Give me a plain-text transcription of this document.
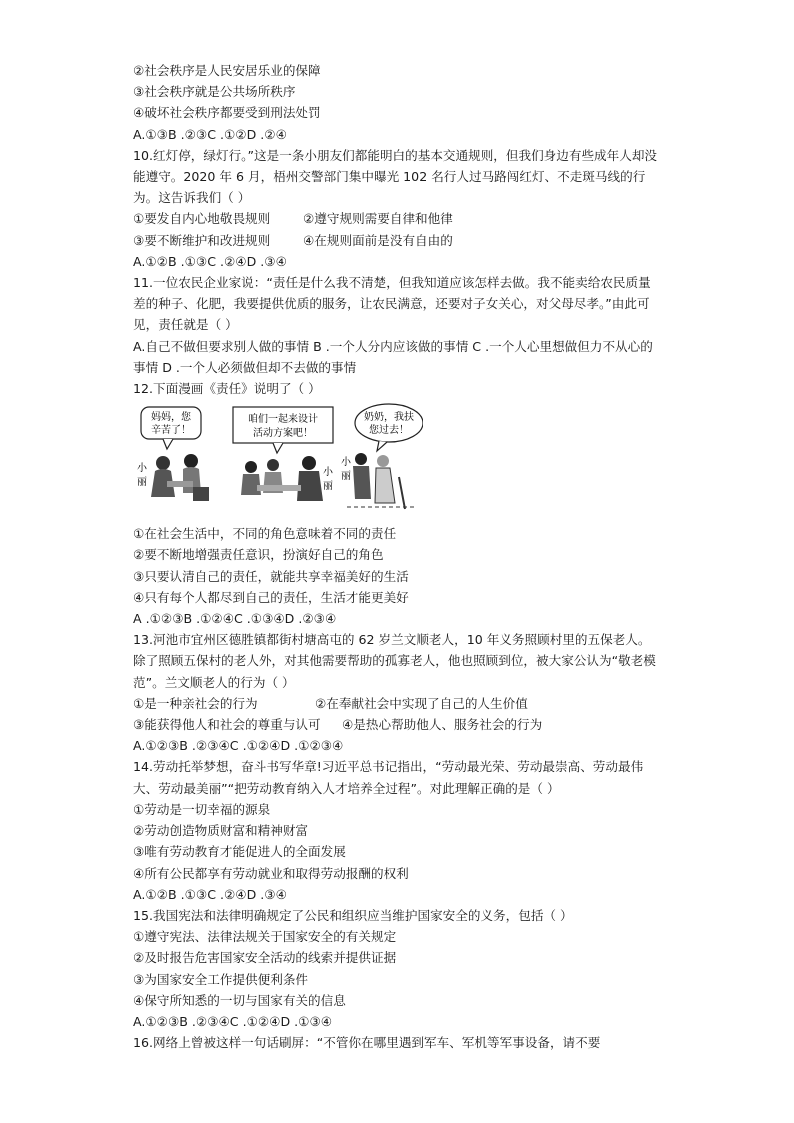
②社会秩序是人民安居乐业的保障
③社会秩序就是公共场所秩序
④破坏社会秩序都要受到刑法处罚
A.①③B .②③C .①②D .②④
10.红灯停，绿灯行。”这是一条小朋友们都能明白的基本交通规则，但我们身边有些成年人却没能遵守。2020 年 6 月，梧州交警部门集中曝光 102 名行人过马路闯红灯、不走斑马线的行为。这告诉我们（ ）
①要发自内心地敬畏规则	②遵守规则需要自律和他律
③要不断维护和改进规则	④在规则面前是没有自由的
A.①②B .①③C .②④D .③④
11.一位农民企业家说：“责任是什么我不清楚，但我知道应该怎样去做。我不能卖给农民质量差的种子、化肥，我要提供优质的服务，让农民满意，还要对子女关心，对父母尽孝。”由此可见，责任就是（ ）
A.自己不做但要求别人做的事情 B .一个人分内应该做的事情 C .一个人心里想做但力不从心的事情 D .一个人必须做但却不去做的事情
12.下面漫画《责任》说明了（ ）
妈妈，您
辛苦了！
小
丽
咱们一起来设计
活动方案吧！
小
丽
奶奶，我扶
您过去！
小
丽
①在社会生活中，不同的角色意味着不同的责任
②要不断地增强责任意识，扮演好自己的角色
③只要认清自己的责任，就能共享幸福美好的生活
④只有每个人都尽到自己的责任，生活才能更美好
A .①②③B .①②④C .①③④D .②③④
13.河池市宜州区德胜镇都街村塘高屯的 62 岁兰文顺老人，10 年义务照顾村里的五保老人。除了照顾五保村的老人外，对其他需要帮助的孤寡老人，他也照顾到位，被大家公认为“敬老模范”。兰文顺老人的行为（ ）
①是一种亲社会的行为	②在奉献社会中实现了自己的人生价值
③能获得他人和社会的尊重与认可	④是热心帮助他人、服务社会的行为
A.①②③B .②③④C .①②④D .①②③④
14.劳动托举梦想，奋斗书写华章!习近平总书记指出，“劳动最光荣、劳动最崇高、劳动最伟大、劳动最美丽”“把劳动教育纳入人才培养全过程”。对此理解正确的是（ ）
①劳动是一切幸福的源泉
②劳动创造物质财富和精神财富
③唯有劳动教育才能促进人的全面发展
④所有公民都享有劳动就业和取得劳动报酬的权利
A.①②B .①③C .②④D .③④
15.我国宪法和法律明确规定了公民和组织应当维护国家安全的义务，包括（ ）
①遵守宪法、法律法规关于国家安全的有关规定
②及时报告危害国家安全活动的线索并提供证据
③为国家安全工作提供便利条件
④保守所知悉的一切与国家有关的信息
A.①②③B .②③④C .①②④D .①③④
16.网络上曾被这样一句话刷屏：“不管你在哪里遇到军车、军机等军事设备，请不要
